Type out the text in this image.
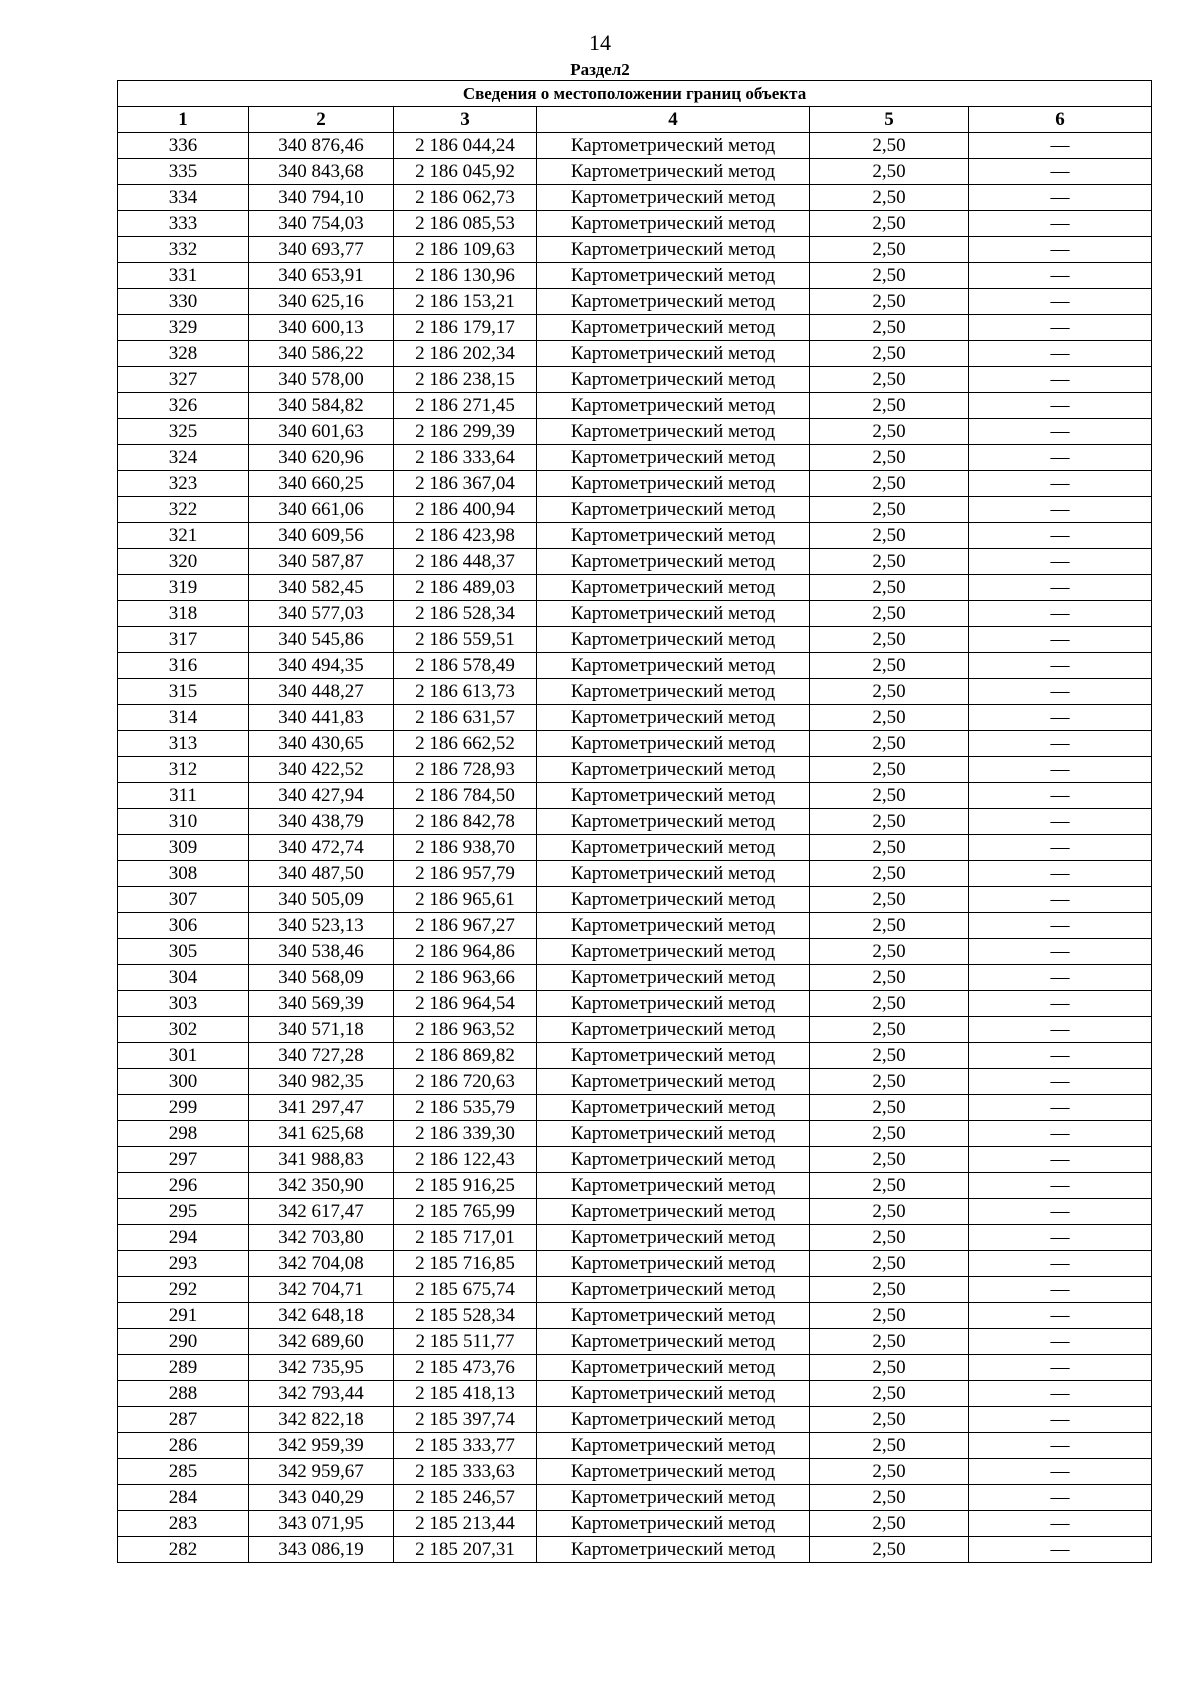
14
Раздел2
Сведения о местоположении границ объекта					
1	2	3	4	5	6
336	340 876,46	2 186 044,24	Картометрический метод	2,50	—
335	340 843,68	2 186 045,92	Картометрический метод	2,50	—
334	340 794,10	2 186 062,73	Картометрический метод	2,50	—
333	340 754,03	2 186 085,53	Картометрический метод	2,50	—
332	340 693,77	2 186 109,63	Картометрический метод	2,50	—
331	340 653,91	2 186 130,96	Картометрический метод	2,50	—
330	340 625,16	2 186 153,21	Картометрический метод	2,50	—
329	340 600,13	2 186 179,17	Картометрический метод	2,50	—
328	340 586,22	2 186 202,34	Картометрический метод	2,50	—
327	340 578,00	2 186 238,15	Картометрический метод	2,50	—
326	340 584,82	2 186 271,45	Картометрический метод	2,50	—
325	340 601,63	2 186 299,39	Картометрический метод	2,50	—
324	340 620,96	2 186 333,64	Картометрический метод	2,50	—
323	340 660,25	2 186 367,04	Картометрический метод	2,50	—
322	340 661,06	2 186 400,94	Картометрический метод	2,50	—
321	340 609,56	2 186 423,98	Картометрический метод	2,50	—
320	340 587,87	2 186 448,37	Картометрический метод	2,50	—
319	340 582,45	2 186 489,03	Картометрический метод	2,50	—
318	340 577,03	2 186 528,34	Картометрический метод	2,50	—
317	340 545,86	2 186 559,51	Картометрический метод	2,50	—
316	340 494,35	2 186 578,49	Картометрический метод	2,50	—
315	340 448,27	2 186 613,73	Картометрический метод	2,50	—
314	340 441,83	2 186 631,57	Картометрический метод	2,50	—
313	340 430,65	2 186 662,52	Картометрический метод	2,50	—
312	340 422,52	2 186 728,93	Картометрический метод	2,50	—
311	340 427,94	2 186 784,50	Картометрический метод	2,50	—
310	340 438,79	2 186 842,78	Картометрический метод	2,50	—
309	340 472,74	2 186 938,70	Картометрический метод	2,50	—
308	340 487,50	2 186 957,79	Картометрический метод	2,50	—
307	340 505,09	2 186 965,61	Картометрический метод	2,50	—
306	340 523,13	2 186 967,27	Картометрический метод	2,50	—
305	340 538,46	2 186 964,86	Картометрический метод	2,50	—
304	340 568,09	2 186 963,66	Картометрический метод	2,50	—
303	340 569,39	2 186 964,54	Картометрический метод	2,50	—
302	340 571,18	2 186 963,52	Картометрический метод	2,50	—
301	340 727,28	2 186 869,82	Картометрический метод	2,50	—
300	340 982,35	2 186 720,63	Картометрический метод	2,50	—
299	341 297,47	2 186 535,79	Картометрический метод	2,50	—
298	341 625,68	2 186 339,30	Картометрический метод	2,50	—
297	341 988,83	2 186 122,43	Картометрический метод	2,50	—
296	342 350,90	2 185 916,25	Картометрический метод	2,50	—
295	342 617,47	2 185 765,99	Картометрический метод	2,50	—
294	342 703,80	2 185 717,01	Картометрический метод	2,50	—
293	342 704,08	2 185 716,85	Картометрический метод	2,50	—
292	342 704,71	2 185 675,74	Картометрический метод	2,50	—
291	342 648,18	2 185 528,34	Картометрический метод	2,50	—
290	342 689,60	2 185 511,77	Картометрический метод	2,50	—
289	342 735,95	2 185 473,76	Картометрический метод	2,50	—
288	342 793,44	2 185 418,13	Картометрический метод	2,50	—
287	342 822,18	2 185 397,74	Картометрический метод	2,50	—
286	342 959,39	2 185 333,77	Картометрический метод	2,50	—
285	342 959,67	2 185 333,63	Картометрический метод	2,50	—
284	343 040,29	2 185 246,57	Картометрический метод	2,50	—
283	343 071,95	2 185 213,44	Картометрический метод	2,50	—
282	343 086,19	2 185 207,31	Картометрический метод	2,50	—
